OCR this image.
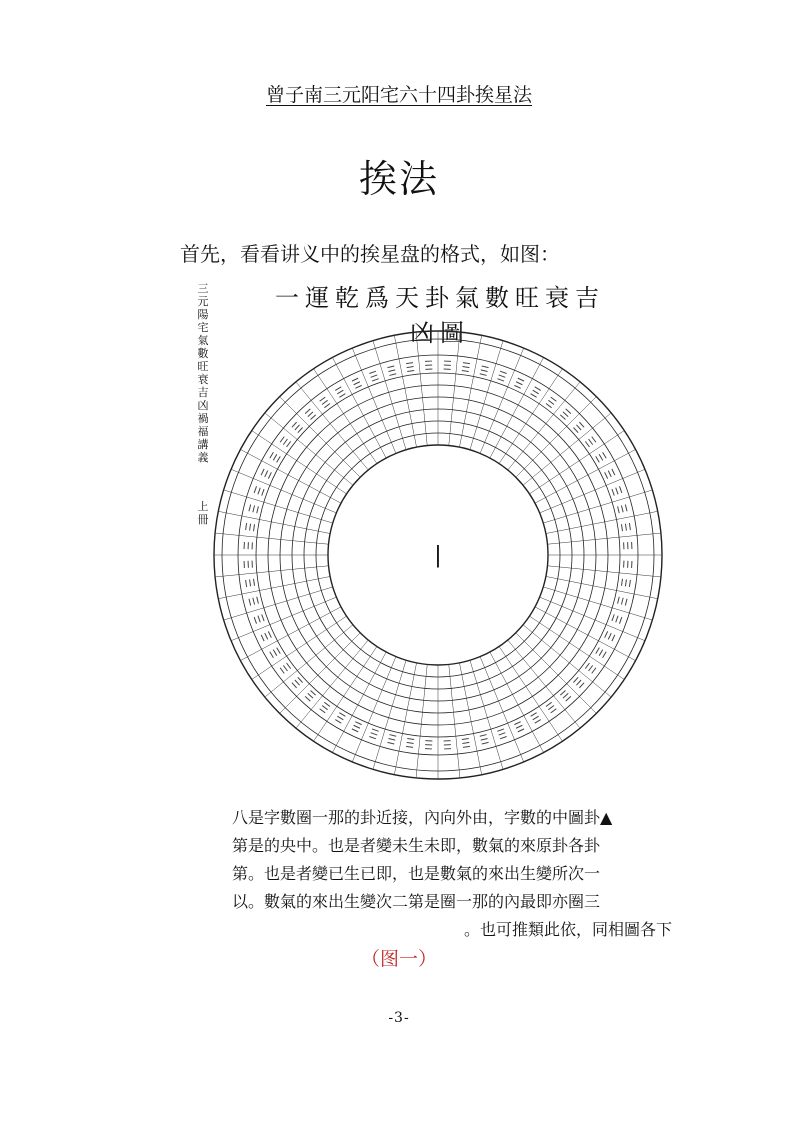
曾子南三元阳宅六十四卦挨星法
挨法
首先，看看讲义中的挨星盘的格式，如图：
一運乾爲天卦氣數旺衰吉凶圖
三元陽宅氣數旺衰吉凶禍福講義
上冊
|
八是字數圈一那的卦近接，內向外由，字數的中圖卦▲
第是的央中。也是者變未生未即，數氣的來原卦各卦
第。也是者變已生已即，也是數氣的來出生變所次一
以。數氣的來出生變次二第是圈一那的內最即亦圈三
。也可推類此依，同相圖各下
（图一）
-3-
